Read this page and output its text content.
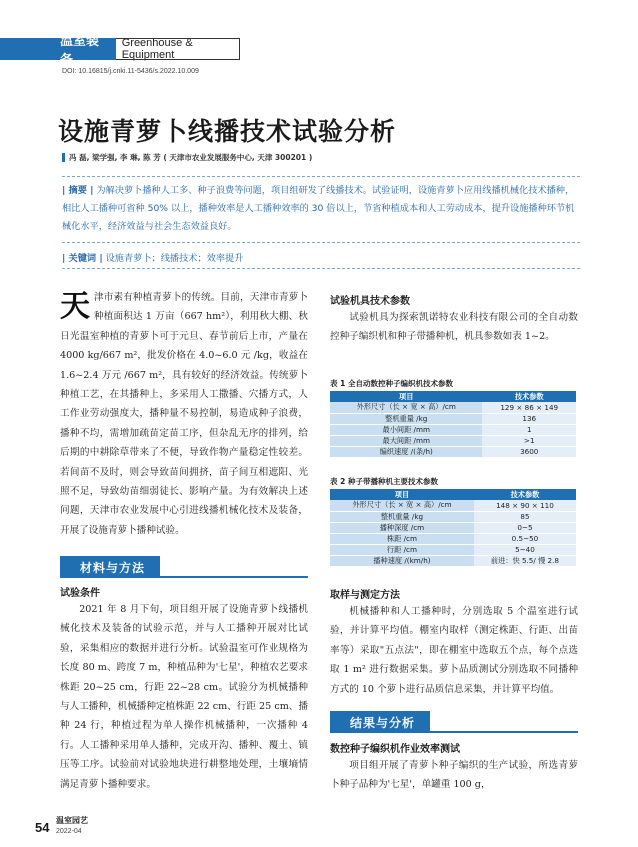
温室装备
Greenhouse & Equipment
DOI: 10.16815/j.cnki.11-5436/s.2022.10.009
设施青萝卜线播技术试验分析
冯 磊, 梁学强, 李 琳, 陈 芳 ( 天津市农业发展服务中心, 天津 300201 )
| 摘要 | 为解决萝卜播种人工多、种子浪费等问题，项目组研发了线播技术。试验证明，设施青萝卜应用线播机械化技术播种，相比人工播种可省种 50% 以上，播种效率是人工播种效率的 30 倍以上，节省种植成本和人工劳动成本，提升设施播种环节机械化水平，经济效益与社会生态效益良好。
| 关键词 | 设施青萝卜；线播技术；效率提升

天 津市素有种植青萝卜的传统。目前，天津市青萝卜种植面积达 1 万亩（667 hm²），利用秋大棚、秋日光温室种植的青萝卜可于元旦、春节前后上市，产量在 4000 kg/667 m²，批发价格在 4.0~6.0 元 /kg，收益在 1.6~2.4 万元 /667 m²，具有较好的经济效益。传统萝卜种植工艺，在其播种上，多采用人工撒播、穴播方式，人工作业劳动强度大，播种量不易控制，易造成种子浪费，播种不均，需增加疏苗定苗工序，但杂乱无序的排列，给后期的中耕除草带来了不便，导致作物产量稳定性较差。若间苗不及时，则会导致苗间拥挤，苗子间互相遮阳、光照不足，导致幼苗细弱徒长、影响产量。为有效解决上述问题，天津市农业发展中心引进线播机械化技术及装备，开展了设施青萝卜播种试验。

材料与方法
试验条件

2021 年 8 月下旬，项目组开展了设施青萝卜线播机械化技术及装备的试验示范，并与人工播种开展对比试验，采集相应的数据并进行分析。试验温室可作业规格为长度 80 m、跨度 7 m，种植品种为'七星'，种植农艺要求株距 20~25 cm，行距 22~28 cm。试验分为机械播种与人工播种，机械播种定植株距 22 cm、行距 25 cm、播种 24 行，种植过程为单人操作机械播种，一次播种 4 行。人工播种采用单人播种，完成开沟、播种、覆土、镇压等工序。试验前对试验地块进行耕整地处理，土壤墒情满足青萝卜播种要求。

试验机具技术参数

试验机具为探索凯诺特农业科技有限公司的全自动数控种子编织机和种子带播种机，机具参数如表 1~2。

表 1 全自动数控种子编织机技术参数
项目	技术参数
外形尺寸（长 × 宽 × 高）/cm	129 × 86 × 149
整机重量 /kg	136
最小间距 /mm	1
最大间距 /mm	>1
编织速度 /(条/h)	3600
表 2 种子带播种机主要技术参数
项目	技术参数
外形尺寸（长 × 宽 × 高）/cm	148 × 90 × 110
整机重量 /kg	85
播种深度 /cm	0~5
株距 /cm	0.5~50
行距 /cm	5~40
播种速度 /(km/h)	前进：快 5.5/ 慢 2.8
取样与测定方法

机械播种和人工播种时，分别选取 5 个温室进行试验，并计算平均值。棚室内取样（测定株距、行距、出苗率等）采取"五点法"，即在棚室中选取五个点，每个点选取 1 m² 进行数据采集。萝卜品质测试分别选取不同播种方式的 10 个萝卜进行品质信息采集，并计算平均值。

结果与分析
数控种子编织机作业效率测试

项目组开展了青萝卜种子编织的生产试验，所选青萝卜种子品种为'七星'，单罐重 100 g，

54 温室园艺
2022-04
